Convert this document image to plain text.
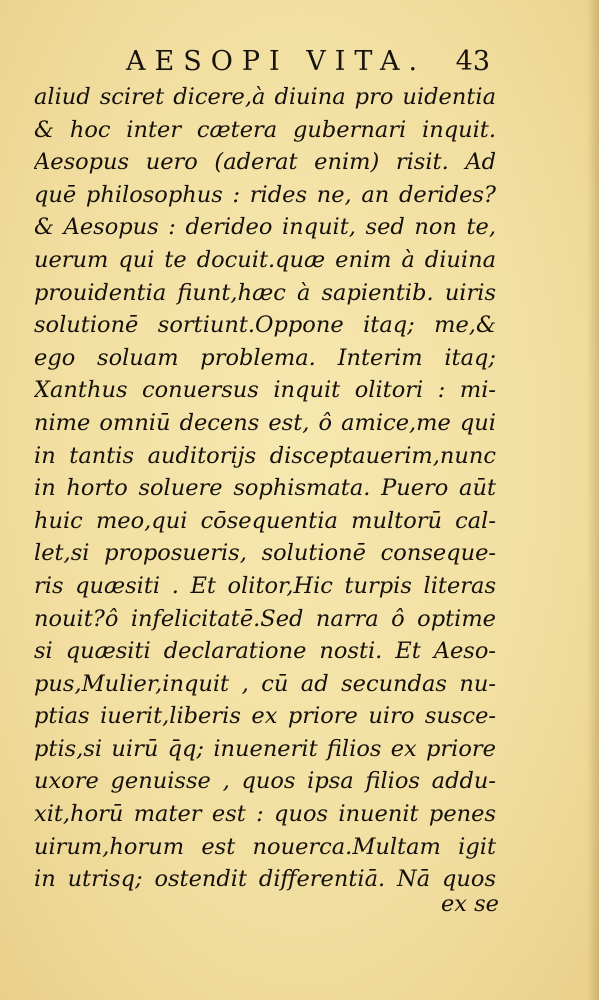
AESOPI VITA. 43
aliud sciret dicere,à diuina pro uidentia
& hoc inter cætera gubernari inquit.
Aesopus uero (aderat enim) risit. Ad
quē philosophus : rides ne, an derides?
& Aesopus : derideo inquit, sed non te,
uerum qui te docuit.quæ enim à diuina
prouidentia fiunt,hæc à sapientib. uiris
solutionē sortiunt.Oppone itaq; me,&
ego soluam problema. Interim itaq;
Xanthus conuersus inquit olitori : mi-
nime omniū decens est, ô amice,me qui
in tantis auditorijs disceptauerim,nunc
in horto soluere sophismata. Puero aūt
huic meo,qui cōsequentia multorū cal-
let,si proposueris, solutionē conseque-
ris quæsiti . Et olitor,Hic turpis literas
nouit?ô infelicitatē.Sed narra ô optime
si quæsiti declaratione nosti. Et Aeso-
pus,Mulier,inquit , cū ad secundas nu-
ptias iuerit,liberis ex priore uiro susce-
ptis,si uirū q̄q; inuenerit filios ex priore
uxore genuisse , quos ipsa filios addu-
xit,horū mater est : quos inuenit penes
uirum,horum est nouerca.Multam igit
in utrisq; ostendit differentiā. Nā quos
ex se
